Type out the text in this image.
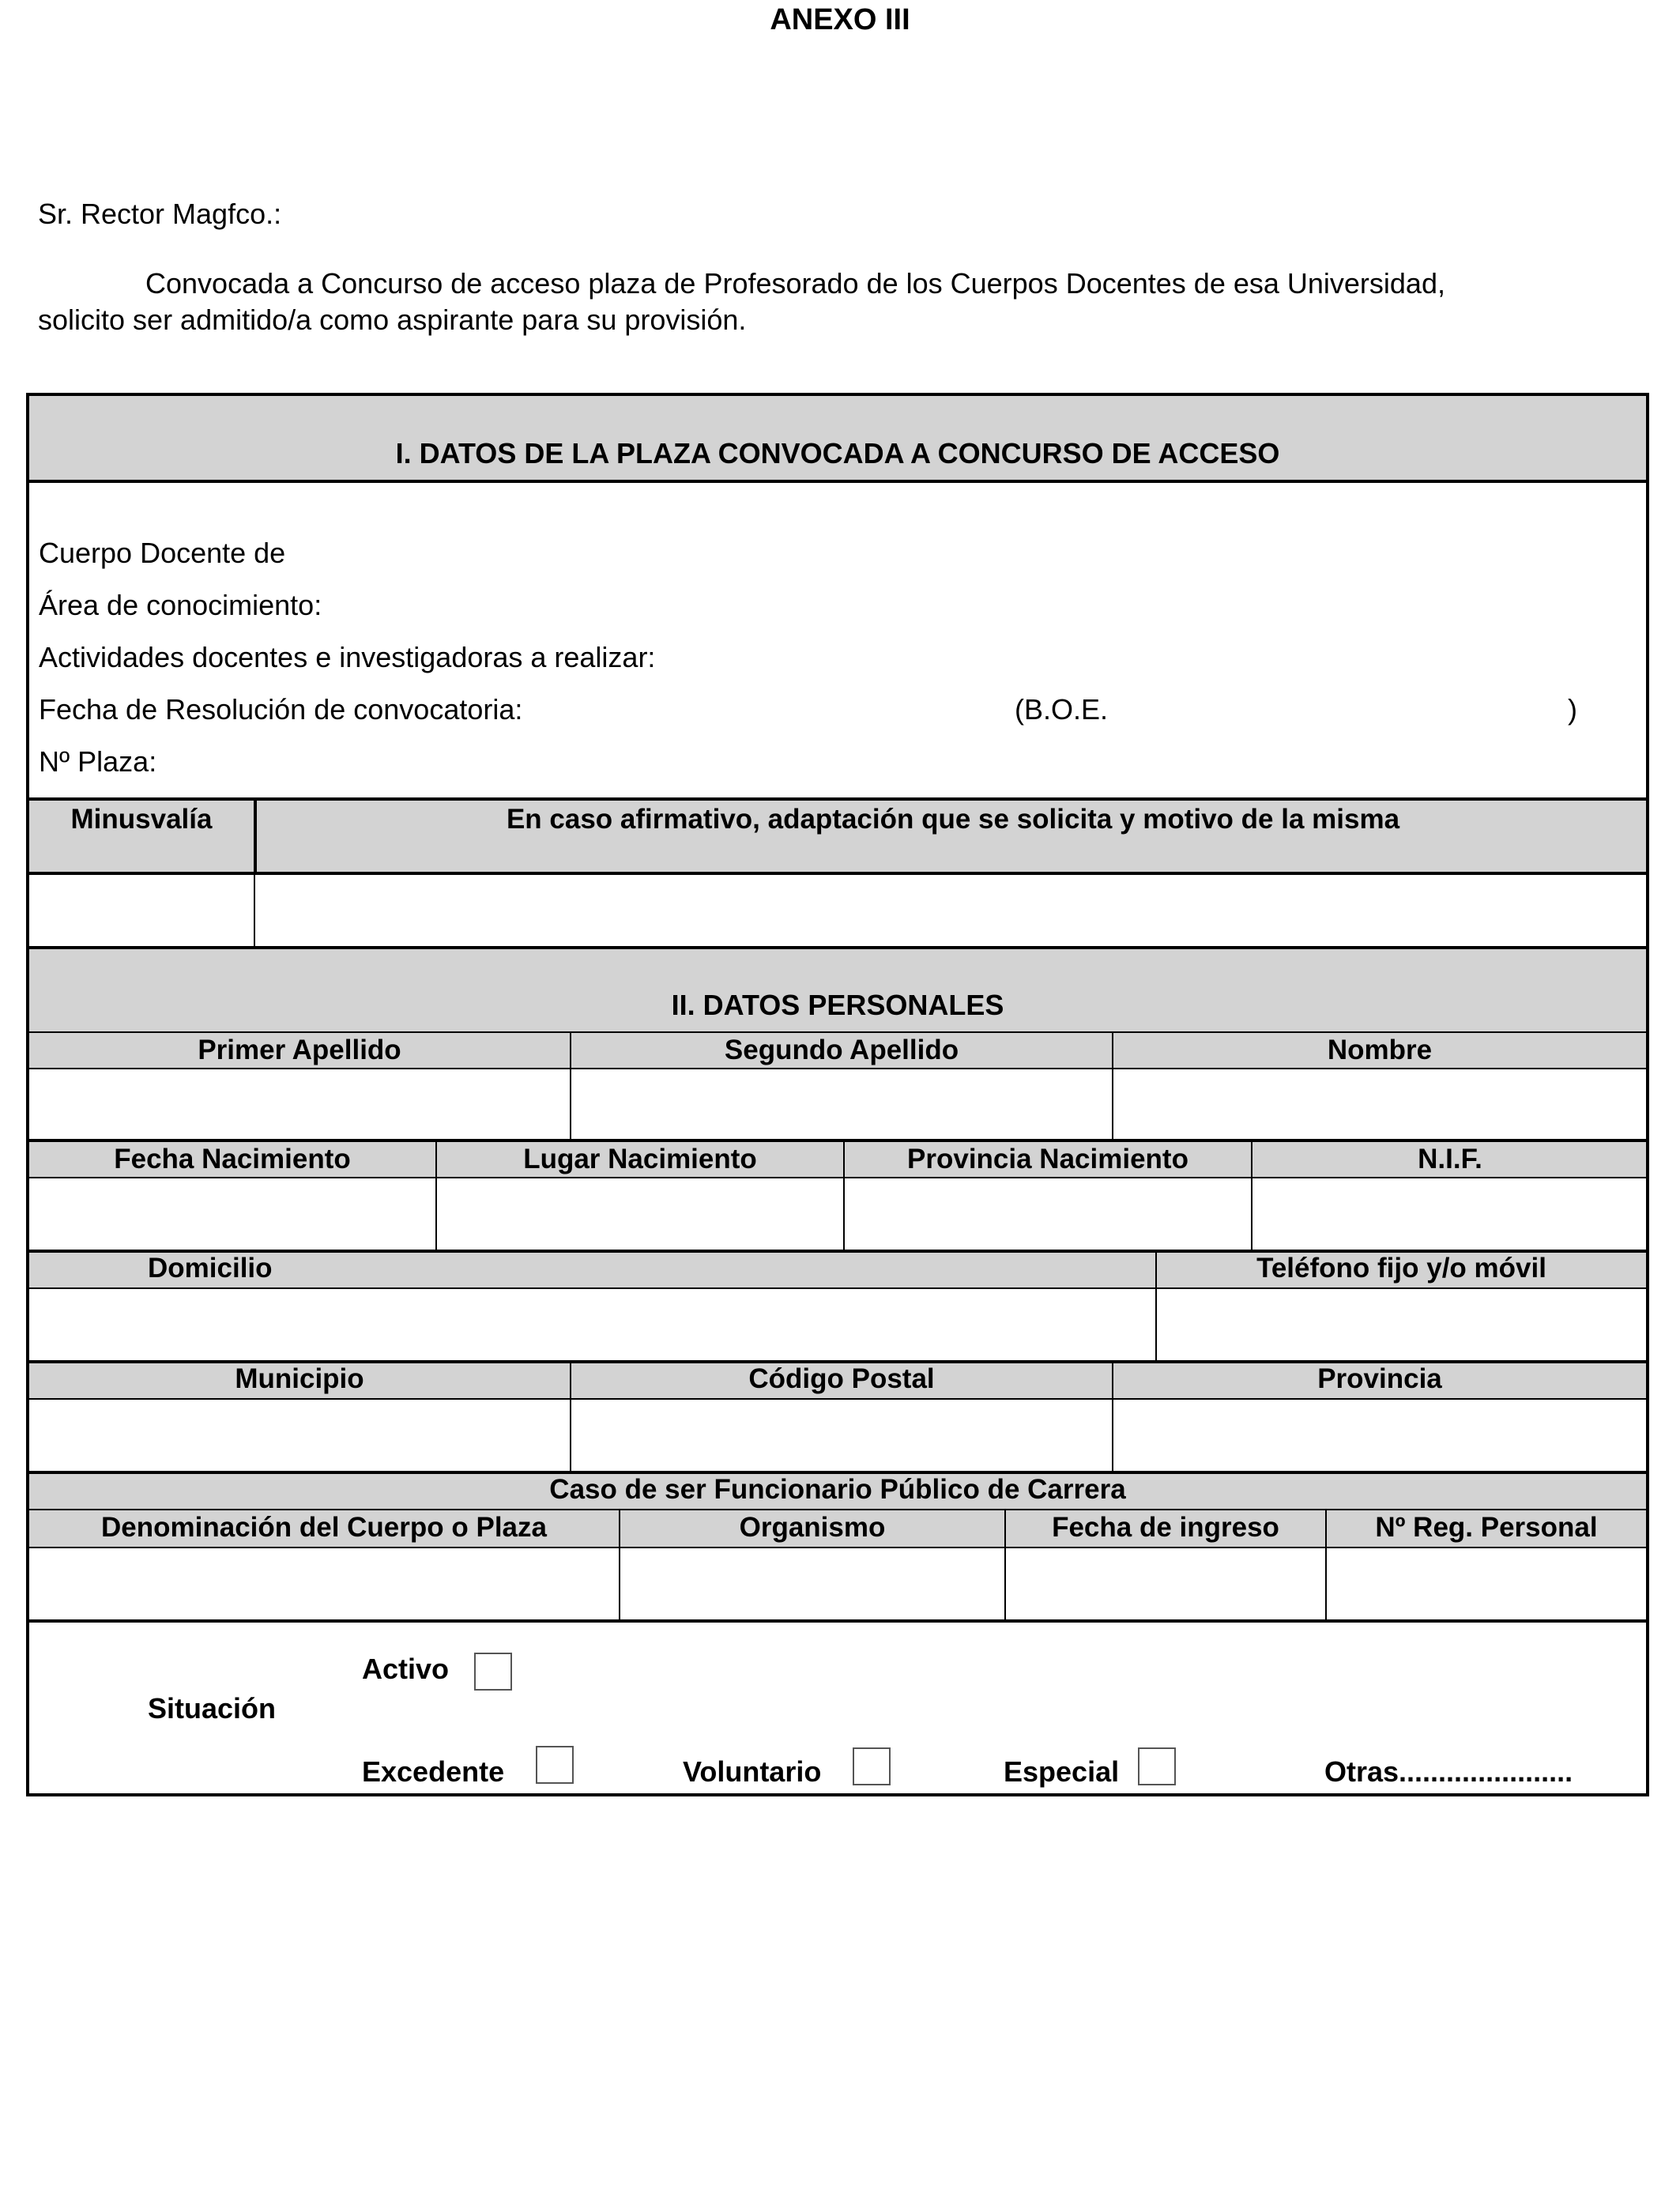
ANEXO III
Sr. Rector Magfco.:
Convocada a Concurso de acceso plaza de Profesorado de los Cuerpos Docentes de esa Universidad,
solicito ser admitido/a como aspirante para su provisión.
I. DATOS DE LA PLAZA CONVOCADA A CONCURSO DE ACCESO
Cuerpo Docente de
Área de conocimiento:
Actividades docentes e investigadoras a realizar:
Fecha de Resolución de convocatoria:	(B.O.E.	)
Nº Plaza:
Minusvalía	En caso afirmativo, adaptación que se solicita y motivo de la misma
II. DATOS PERSONALES
Primer Apellido	Segundo Apellido	Nombre
Fecha Nacimiento	Lugar Nacimiento	Provincia Nacimiento	N.I.F.
Domicilio	Teléfono fijo y/o móvil
Municipio	Código Postal	Provincia
Caso de ser Funcionario Público de Carrera
Denominación del Cuerpo o Plaza	Organismo	Fecha de ingreso	Nº Reg. Personal
Situación
Activo
Excedente	Voluntario	Especial	Otras......................
